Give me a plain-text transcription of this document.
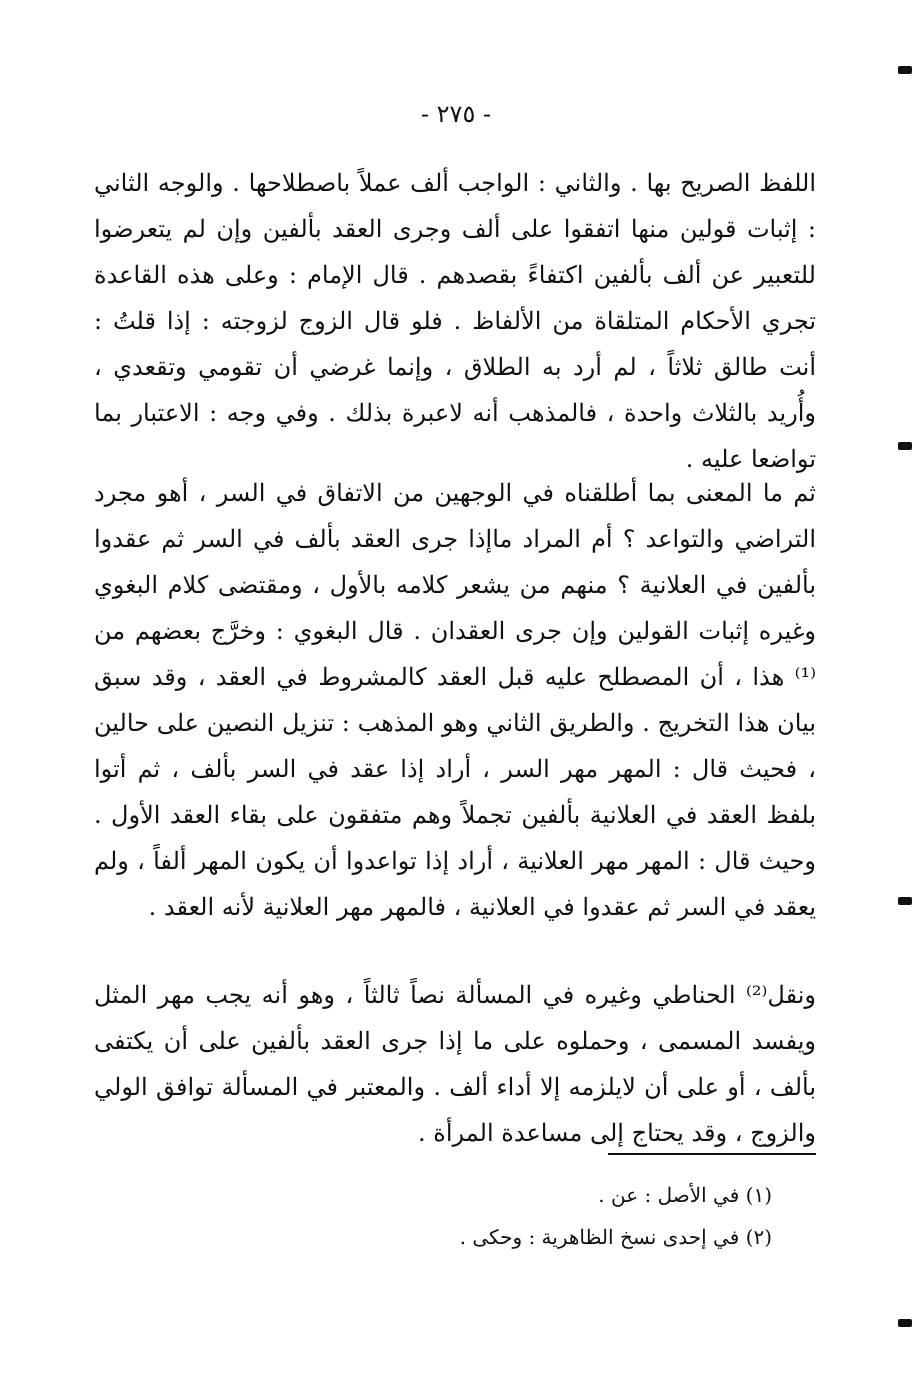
- ٢٧٥ -

اللفظ الصريح بها . والثاني : الواجب ألف عملاً باصطلاحها . والوجه الثاني : إثبات قولين منها اتفقوا على ألف وجرى العقد بألفين وإن لم يتعرضوا للتعبير عن ألف بألفين اكتفاءً بقصدهم . قال الإمام : وعلى هذه القاعدة تجري الأحكام المتلقاة من الألفاظ . فلو قال الزوج لزوجته : إذا قلتُ : أنت طالق ثلاثاً ، لم أرد به الطلاق ، وإنما غرضي أن تقومي وتقعدي ، وأُريد بالثلاث واحدة ، فالمذهب أنه لاعبرة بذلك . وفي وجه : الاعتبار بما تواضعا عليه .

ثم ما المعنى بما أطلقناه في الوجهين من الاتفاق في السر ، أهو مجرد التراضي والتواعد ؟ أم المراد ماإذا جرى العقد بألف في السر ثم عقدوا بألفين في العلانية ؟ منهم من يشعر كلامه بالأول ، ومقتضى كلام البغوي وغيره إثبات القولين وإن جرى العقدان . قال البغوي : وخرَّج بعضهم من ⁽¹⁾ هذا ، أن المصطلح عليه قبل العقد كالمشروط في العقد ، وقد سبق بيان هذا التخريج . والطريق الثاني وهو المذهب : تنزيل النصين على حالين ، فحيث قال : المهر مهر السر ، أراد إذا عقد في السر بألف ، ثم أتوا بلفظ العقد في العلانية بألفين تجملاً وهم متفقون على بقاء العقد الأول . وحيث قال : المهر مهر العلانية ، أراد إذا تواعدوا أن يكون المهر ألفاً ، ولم يعقد في السر ثم عقدوا في العلانية ، فالمهر مهر العلانية لأنه العقد .

ونقل⁽²⁾ الحناطي وغيره في المسألة نصاً ثالثاً ، وهو أنه يجب مهر المثل ويفسد المسمى ، وحملوه على ما إذا جرى العقد بألفين على أن يكتفى بألف ، أو على أن لايلزمه إلا أداء ألف . والمعتبر في المسألة توافق الولي والزوج ، وقد يحتاج إلى مساعدة المرأة .

(١) في الأصل : عن .
(٢) في إحدى نسخ الظاهرية : وحكى .
